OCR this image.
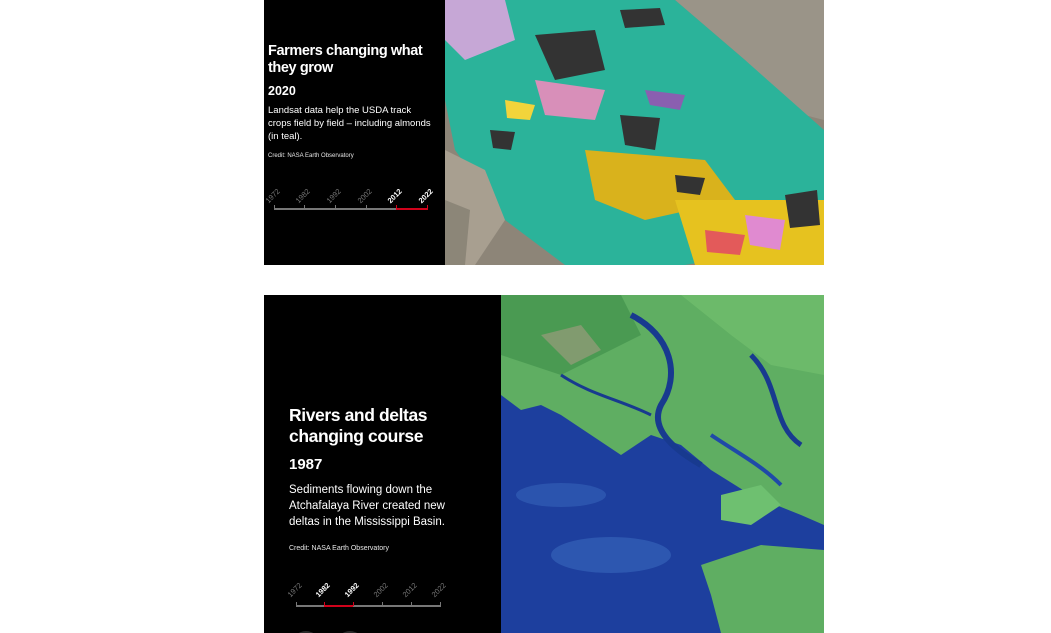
Farmers changing what they grow
2020
Landsat data help the USDA track crops field by field – including almonds (in teal).
Credit: NASA Earth Observatory
1972 1982 1992 2002 2012 2022
Rivers and deltas changing course
1987
Sediments flowing down the Atchafalaya River created new deltas in the Mississippi Basin.
Credit: NASA Earth Observatory
1972 1982 1992 2002 2012 2022
